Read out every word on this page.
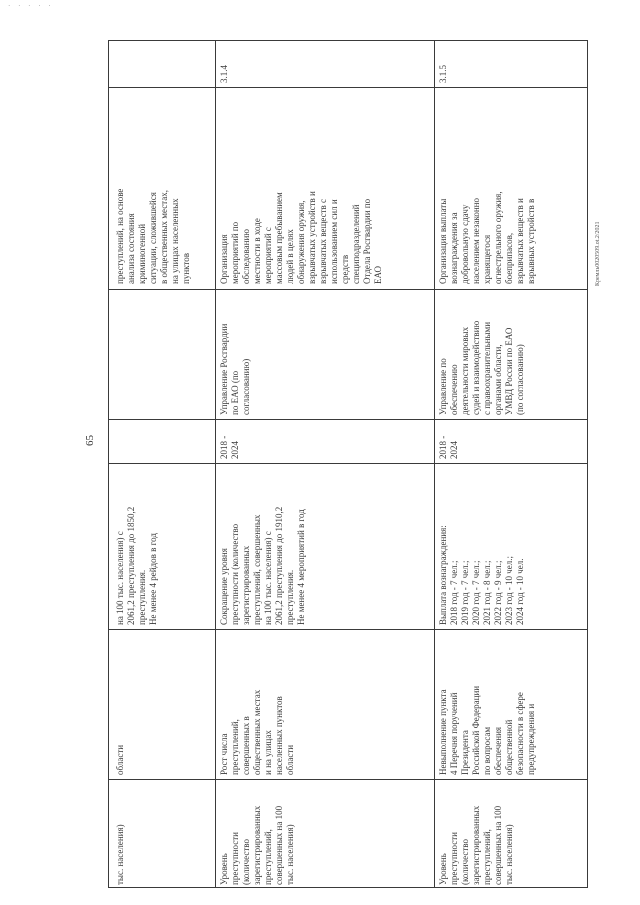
· · · · ·
65
Кремль0020509.ot.2/2021
преступлений, на основе
анализа состояния
криминогенной
ситуации, сложившейся
в общественных местах,
на улицах населенных
пунктов
на 100 тыс. населения) с
2061,2 преступления до 1850,2
преступления.
Не менее 4 рейдов в год
области
тыс. населения)
3.1.4
Организация
мероприятий по
обследованию
местности в ходе
мероприятий с
массовым пребыванием
людей в целях
обнаружения оружия,
взрывчатых устройств и
взрывчатых веществ с
использованием сил и
средств
специподразделений
Отдела Росгвардии по
ЕАО
Управление Росгвардии
по ЕАО (по
согласованию)
2018 -
2024
Сокращение уровня
преступности (количество
зарегистрированных
преступлений, совершенных
на 100 тыс. населения) с
2061,2 преступления до 1910,2
преступления.
Не менее 4 мероприятий в год
Рост числа
преступлений,
совершенных в
общественных местах
и на улицах
населенных пунктов
области
Уровень
преступности
(количество
зарегистрированных
преступлений,
совершенных на 100
тыс. населения)
3.1.5
Организация выплаты
вознаграждения за
добровольную сдачу
населением незаконно
хранящегося
огнестрельного оружия,
боеприпасов,
взрывчатых веществ и
взрывных устройств в
Управление по
обеспечению
деятельности мировых
судей и взаимодействию
с правоохранительными
органами области,
УМВД России по ЕАО
(по согласованию)
2018 -
2024
Выплата вознаграждения:
2018 год - 7 чел.;
2019 год - 7 чел.;
2020 год - 7 чел.;
2021 год - 8 чел.;
2022 год - 9 чел.;
2023 год - 10 чел.;
2024 год - 10 чел.
Невыполнение пункта
4 Перечня поручений
Президента
Российской Федерации
по вопросам
обеспечения
общественной
безопасности в сфере
предупреждения и
Уровень
преступности
(количество
зарегистрированных
преступлений,
совершенных на 100
тыс. населения)
